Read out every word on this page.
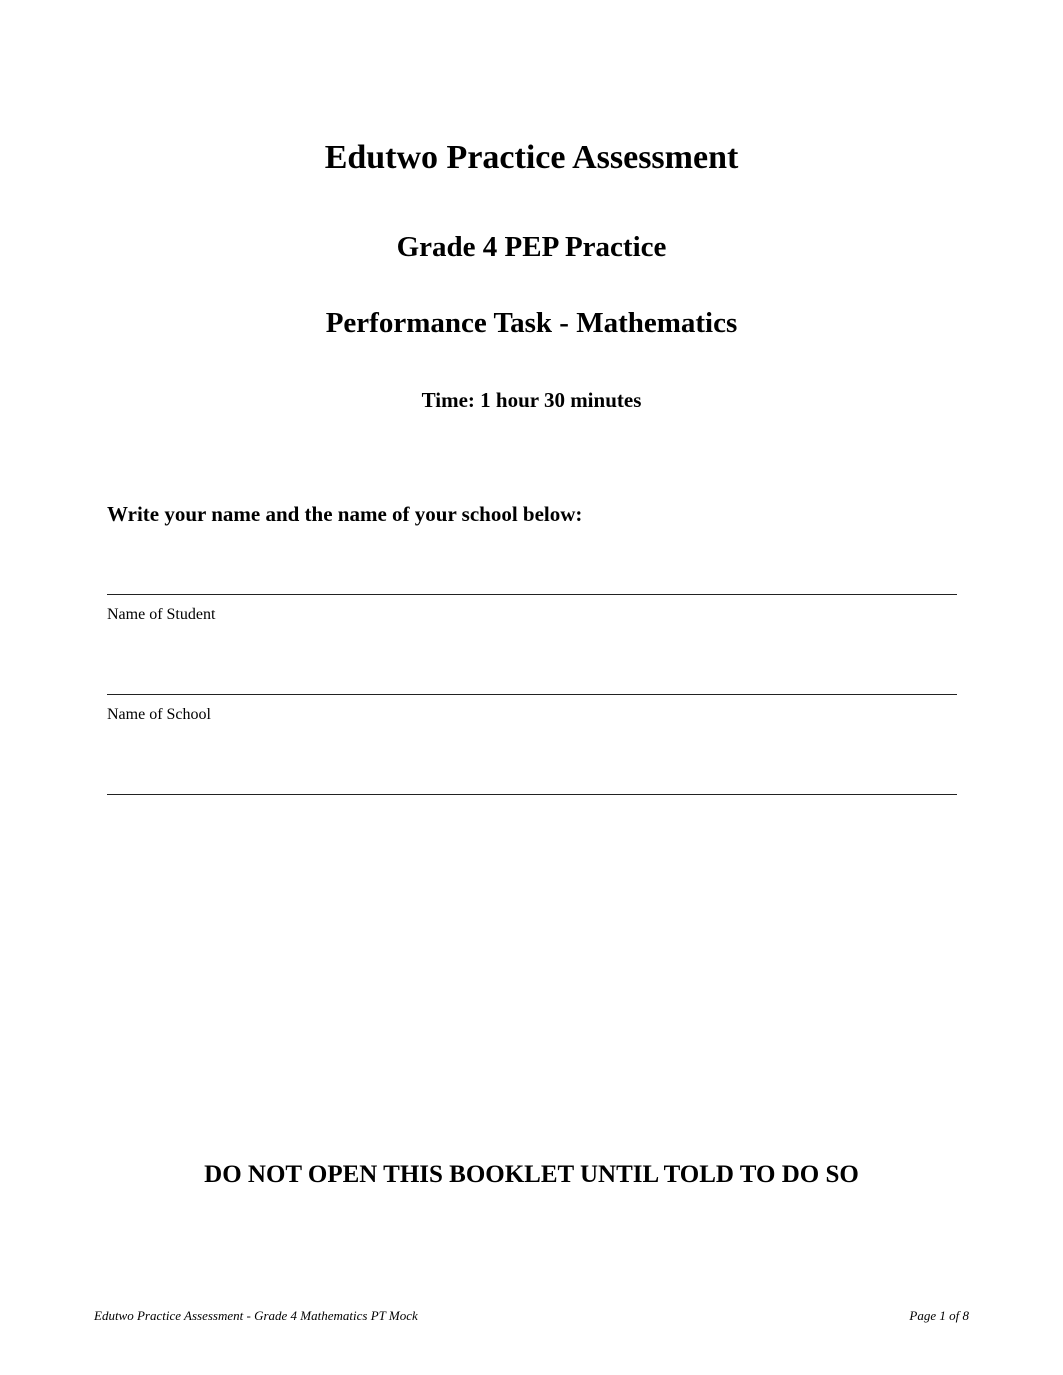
Edutwo Practice Assessment
Grade 4 PEP Practice
Performance Task - Mathematics

Time: 1 hour 30 minutes

Write your name and the name of your school below:

Name of Student

Name of School

DO NOT OPEN THIS BOOKLET UNTIL TOLD TO DO SO

Edutwo Practice Assessment - Grade 4 Mathematics PT Mock	Page 1 of 8
